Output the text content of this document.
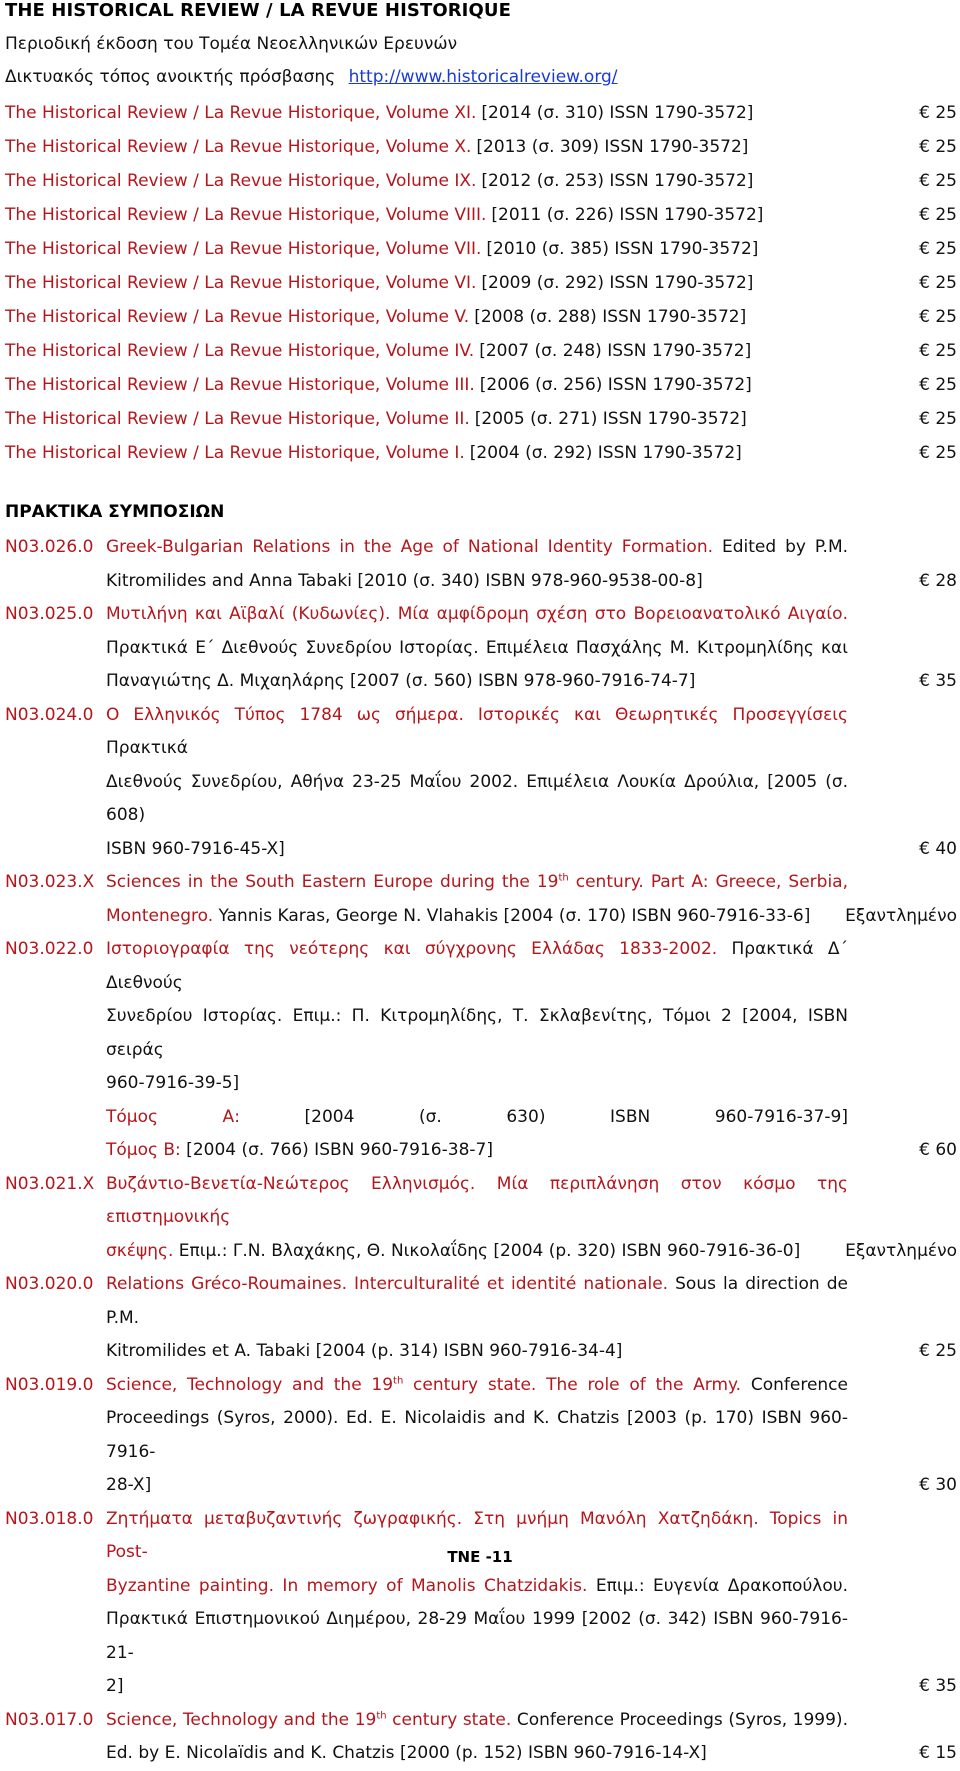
THE HISTORICAL REVIEW / LA REVUE HISTORIQUE
Περιοδική έκδοση του Τομέα Νεοελληνικών Ερευνών
Δικτυακός τόπος ανοικτής πρόσβασης http://www.historicalreview.org/
The Historical Review / La Revue Historique, Volume XI. [2014 (σ. 310) ISSN 1790-3572]	€ 25
The Historical Review / La Revue Historique, Volume X. [2013 (σ. 309) ISSN 1790-3572]	€ 25
The Historical Review / La Revue Historique, Volume IX. [2012 (σ. 253) ISSN 1790-3572]	€ 25
The Historical Review / La Revue Historique, Volume VIII. [2011 (σ. 226) ISSN 1790-3572]	€ 25
The Historical Review / La Revue Historique, Volume VII. [2010 (σ. 385) ISSN 1790-3572]	€ 25
The Historical Review / La Revue Historique, Volume VI. [2009 (σ. 292) ISSN 1790-3572]	€ 25
The Historical Review / La Revue Historique, Volume V. [2008 (σ. 288) ISSN 1790-3572]	€ 25
The Historical Review / La Revue Historique, Volume IV. [2007 (σ. 248) ISSN 1790-3572]	€ 25
The Historical Review / La Revue Historique, Volume III. [2006 (σ. 256) ISSN 1790-3572]	€ 25
The Historical Review / La Revue Historique, Volume II. [2005 (σ. 271) ISSN 1790-3572]	€ 25
The Historical Review / La Revue Historique, Volume I. [2004 (σ. 292) ISSN 1790-3572]	€ 25
ΠΡΑΚΤΙΚΑ ΣΥΜΠΟΣΙΩΝ
N03.026.0 Greek-Bulgarian Relations in the Age of National Identity Formation. Edited by P.M.
Kitromilides and Anna Tabaki [2010 (σ. 340) ISBN 978-960-9538-00-8]	€ 28
N03.025.0 Μυτιλήνη και Αϊβαλί (Κυδωνίες). Μία αμφίδρομη σχέση στο Βορειοανατολικό Αιγαίο.
Πρακτικά Ε΄ Διεθνούς Συνεδρίου Ιστορίας. Επιμέλεια Πασχάλης Μ. Κιτρομηλίδης και
Παναγιώτης Δ. Μιχαηλάρης [2007 (σ. 560) ISBN 978-960-7916-74-7]	€ 35
N03.024.0 Ο Ελληνικός Τύπος 1784 ως σήμερα. Ιστορικές και Θεωρητικές Προσεγγίσεις Πρακτικά
Διεθνούς Συνεδρίου, Αθήνα 23-25 Μαΐου 2002. Επιμέλεια Λουκία Δρούλια, [2005 (σ. 608)
ISBN 960-7916-45-X]	€ 40
N03.023.X Sciences in the South Eastern Europe during the 19th century. Part A: Greece, Serbia,
Montenegro. Yannis Karas, George N. Vlahakis [2004 (σ. 170) ISBN 960-7916-33-6]	Εξαντλημένο
N03.022.0 Ιστοριογραφία της νεότερης και σύγχρονης Ελλάδας 1833-2002. Πρακτικά Δ΄ Διεθνούς
Συνεδρίου Ιστορίας. Επιμ.: Π. Κιτρομηλίδης, Τ. Σκλαβενίτης, Τόμοι 2 [2004, ISBN σειράς
960-7916-39-5]
Τόμος Α: [2004 (σ. 630) ISBN 960-7916-37-9]
Τόμος Β: [2004 (σ. 766) ISBN 960-7916-38-7]	€ 60
N03.021.X Βυζάντιο-Βενετία-Νεώτερος Ελληνισμός. Μία περιπλάνηση στον κόσμο της επιστημονικής
σκέψης. Επιμ.: Γ.Ν. Βλαχάκης, Θ. Νικολαΐδης [2004 (p. 320) ISBN 960-7916-36-0]	Εξαντλημένο
N03.020.0 Relations Gréco-Roumaines. Interculturalité et identité nationale. Sous la direction de P.M.
Kitromilides et A. Tabaki [2004 (p. 314) ISBN 960-7916-34-4]	€ 25
N03.019.0 Science, Technology and the 19th century state. The role of the Army. Conference
Proceedings (Syros, 2000). Ed. E. Nicolaidis and K. Chatzis [2003 (p. 170) ISBN 960-7916-
28-X]	€ 30
N03.018.0 Ζητήματα μεταβυζαντινής ζωγραφικής. Στη μνήμη Μανόλη Χατζηδάκη. Topics in Post-
Byzantine painting. In memory of Manolis Chatzidakis. Επιμ.: Ευγενία Δρακοπούλου.
Πρακτικά Επιστημονικού Διημέρου, 28-29 Μαΐου 1999 [2002 (σ. 342) ISBN 960-7916-21-
2]	€ 35
N03.017.0 Science, Technology and the 19th century state. Conference Proceedings (Syros, 1999).
Ed. by E. Nicolaïdis and K. Chatzis [2000 (p. 152) ISBN 960-7916-14-X]	€ 15
TNE -11
